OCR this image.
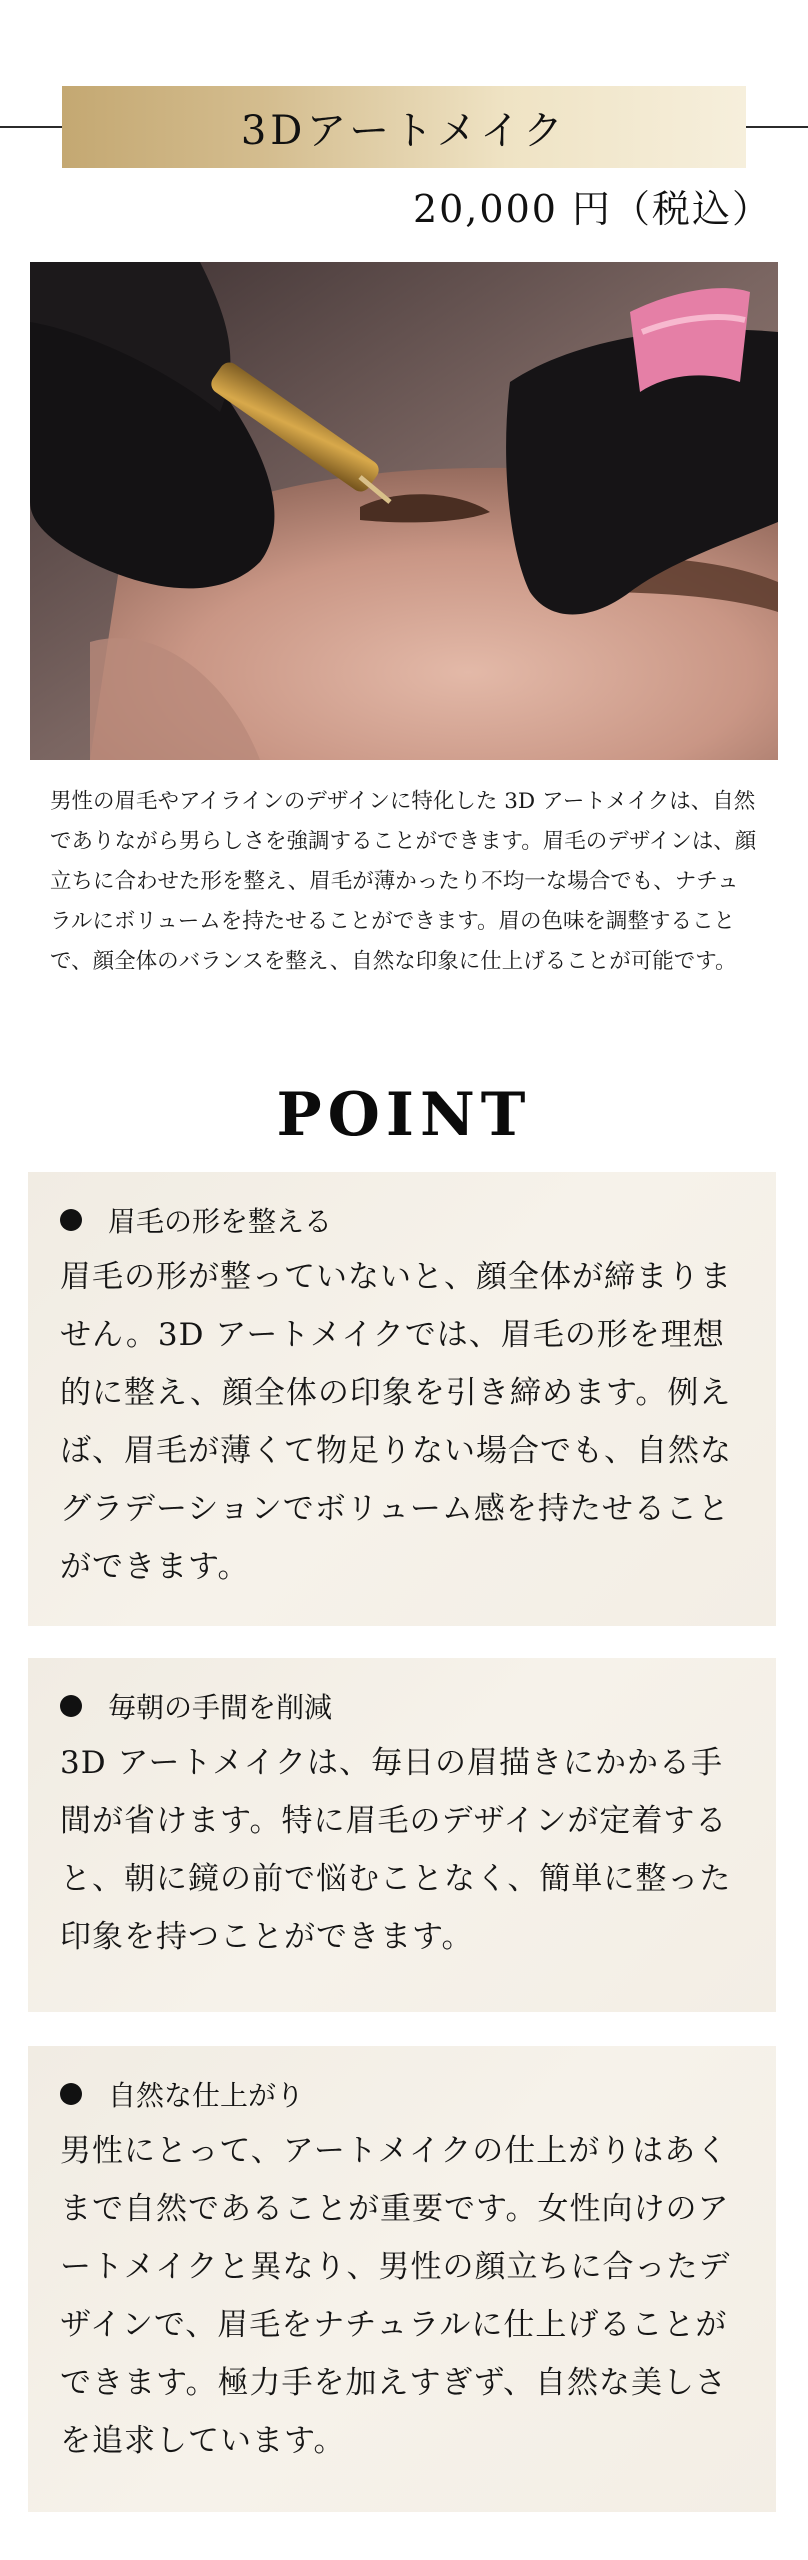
3Dアートメイク
20,000 円（税込）
男性の眉毛やアイラインのデザインに特化した 3D アートメイクは、自然でありながら男らしさを強調することができます。眉毛のデザインは、顔立ちに合わせた形を整え、眉毛が薄かったり不均一な場合でも、ナチュラルにボリュームを持たせることができます。眉の色味を調整することで、顔全体のバランスを整え、自然な印象に仕上げることが可能です。
POINT
眉毛の形を整える
眉毛の形が整っていないと、顔全体が締まりません。3D アートメイクでは、眉毛の形を理想的に整え、顔全体の印象を引き締めます。例えば、眉毛が薄くて物足りない場合でも、自然なグラデーションでボリューム感を持たせることができます。
毎朝の手間を削減
3D アートメイクは、毎日の眉描きにかかる手間が省けます。特に眉毛のデザインが定着すると、朝に鏡の前で悩むことなく、簡単に整った印象を持つことができます。
自然な仕上がり
男性にとって、アートメイクの仕上がりはあくまで自然であることが重要です。女性向けのアートメイクと異なり、男性の顔立ちに合ったデザインで、眉毛をナチュラルに仕上げることができます。極力手を加えすぎず、自然な美しさを追求しています。
